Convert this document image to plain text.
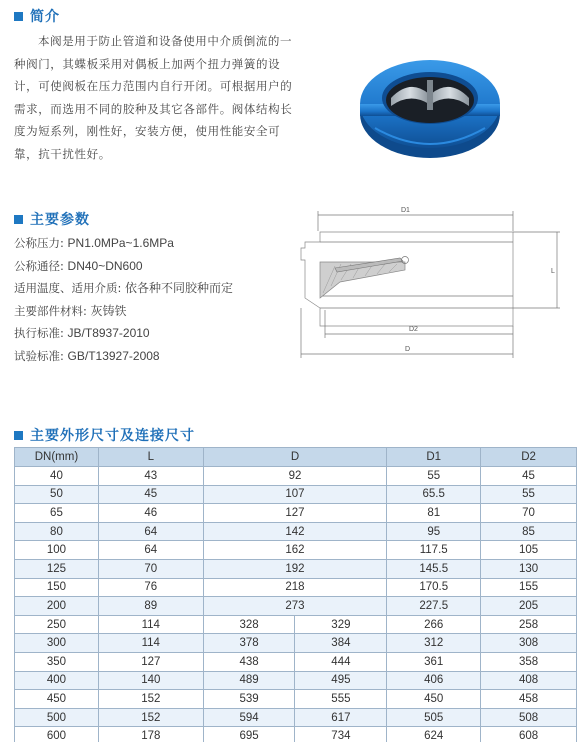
简介

本阀是用于防止管道和设备使用中介质倒流的一种阀门，其蝶板采用对偶板上加两个扭力弹簧的设计，可使阀板在压力范围内自行开闭。可根据用户的需求，而选用不同的胶种及其它各部件。阀体结构长度为短系列，刚性好，安装方便，使用性能安全可靠，抗干扰性好。

主要参数
公称压力: PN1.0MPa~1.6MPa
公称通径: DN40~DN600
适用温度、适用介质: 依各种不同胶种而定
主要部件材料: 灰铸铁
执行标准: JB/T8937-2010
试验标准: GB/T13927-2008
D1
L
D2
D
主要外形尺寸及连接尺寸
DN(mm)	L	D		D1	D2
40	43	92		55	45
50	45	107		65.5	55
65	46	127		81	70
80	64	142		95	85
100	64	162		117.5	105
125	70	192		145.5	130
150	76	218		170.5	155
200	89	273		227.5	205
250	114	328	329	266	258
300	114	378	384	312	308
350	127	438	444	361	358
400	140	489	495	406	408
450	152	539	555	450	458
500	152	594	617	505	508
600	178	695	734	624	608
